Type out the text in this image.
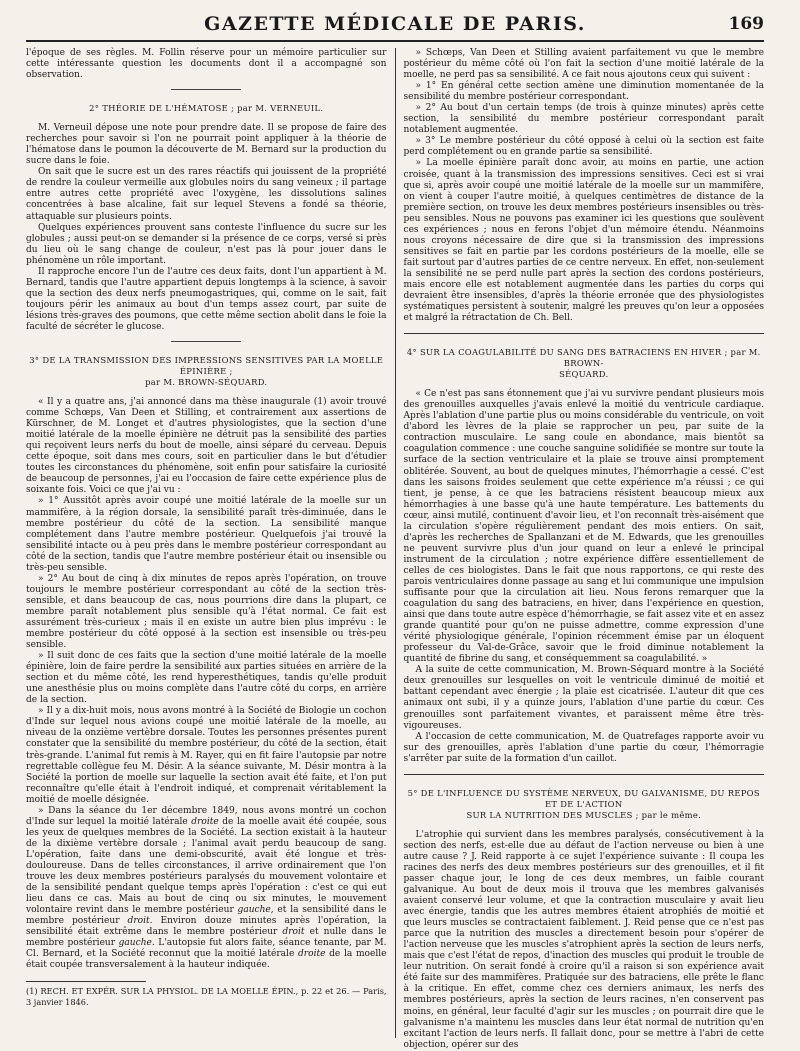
GAZETTE MÉDICALE DE PARIS.	169

l'époque de ses règles. M. Follin réserve pour un mémoire particulier sur cette intéressante question les documents dont il a accompagné son observation.

2° THÉORIE DE L'HÉMATOSE ; par M. VERNEUIL.

M. Verneuil dépose une note pour prendre date. Il se propose de faire des recherches pour savoir si l'on ne pourrait point appliquer à la théorie de l'hématose dans le poumon la découverte de M. Bernard sur la production du sucre dans le foie.

On sait que le sucre est un des rares réactifs qui jouissent de la propriété de rendre la couleur vermeille aux globules noirs du sang veineux ; il partage entre autres cette propriété avec l'oxygène, les dissolutions salines concentrées à base alcaline, fait sur lequel Stevens a fondé sa théorie, attaquable sur plusieurs points.

Quelques expériences prouvent sans conteste l'influence du sucre sur les globules ; aussi peut-on se demander si la présence de ce corps, versé si près du lieu où le sang change de couleur, n'est pas là pour jouer dans le phénomène un rôle important.

Il rapproche encore l'un de l'autre ces deux faits, dont l'un appartient à M. Bernard, tandis que l'autre appartient depuis longtemps à la science, à savoir que la section des deux nerfs pneumogastriques, qui, comme on le sait, fait toujours périr les animaux au bout d'un temps assez court, par suite de lésions très-graves des poumons, que cette même section abolit dans le foie la faculté de sécréter le glucose.

3° DE LA TRANSMISSION DES IMPRESSIONS SENSITIVES PAR LA MOELLE ÉPINIÈRE ;
par M. BROWN-SÉQUARD.

« Il y a quatre ans, j'ai annoncé dans ma thèse inaugurale (1) avoir trouvé comme Schœps, Van Deen et Stilling, et contrairement aux assertions de Kürschner, de M. Longet et d'autres physiologistes, que la section d'une moitié latérale de la moelle épinière ne détruit pas la sensibilité des parties qui reçoivent leurs nerfs du bout de moelle, ainsi séparé du cerveau. Depuis cette époque, soit dans mes cours, soit en particulier dans le but d'étudier toutes les circonstances du phénomène, soit enfin pour satisfaire la curiosité de beaucoup de personnes, j'ai eu l'occasion de faire cette expérience plus de soixante fois. Voici ce que j'ai vu :

» 1° Aussitôt après avoir coupé une moitié latérale de la moelle sur un mammifère, à la région dorsale, la sensibilité paraît très-diminuée, dans le membre postérieur du côté de la section. La sensibilité manque complétement dans l'autre membre postérieur. Quelquefois j'ai trouvé la sensibilité intacte ou à peu près dans le membre postérieur correspondant au côté de la section, tandis que l'autre membre postérieur était ou insensible ou très-peu sensible.

» 2° Au bout de cinq à dix minutes de repos après l'opération, on trouve toujours le membre postérieur correspondant au côté de la section très-sensible, et dans beaucoup de cas, nous pourrions dire dans la plupart, ce membre paraît notablement plus sensible qu'à l'état normal. Ce fait est assurément très-curieux ; mais il en existe un autre bien plus imprévu : le membre postérieur du côté opposé à la section est insensible ou très-peu sensible.

» Il suit donc de ces faits que la section d'une moitié latérale de la moelle épinière, loin de faire perdre la sensibilité aux parties situées en arrière de la section et du même côté, les rend hyperesthétiques, tandis qu'elle produit une anesthésie plus ou moins complète dans l'autre côté du corps, en arrière de la section.

» Il y a dix-huit mois, nous avons montré à la Société de Biologie un cochon d'Inde sur lequel nous avions coupé une moitié latérale de la moelle, au niveau de la onzième vertèbre dorsale. Toutes les personnes présentes purent constater que la sensibilité du membre postérieur, du côté de la section, était très-grande. L'animal fut remis à M. Rayer, qui en fit faire l'autopsie par notre regrettable collègue feu M. Désir. A la séance suivante, M. Désir montra à la Société la portion de moelle sur laquelle la section avait été faite, et l'on put reconnaître qu'elle était à l'endroit indiqué, et comprenait véritablement la moitié de moelle désignée.

» Dans la séance du 1er décembre 1849, nous avons montré un cochon d'Inde sur lequel la moitié latérale droite de la moelle avait été coupée, sous les yeux de quelques membres de la Société. La section existait à la hauteur de la dixième vertèbre dorsale ; l'animal avait perdu beaucoup de sang. L'opération, faite dans une demi-obscurité, avait été longue et très-douloureuse. Dans de telles circonstances, il arrive ordinairement que l'on trouve les deux membres postérieurs paralysés du mouvement volontaire et de la sensibilité pendant quelque temps après l'opération : c'est ce qui eut lieu dans ce cas. Mais au bout de cinq ou six minutes, le mouvement volontaire revint dans le membre postérieur gauche, et la sensibilité dans le membre postérieur droit. Environ douze minutes après l'opération, la sensibilité était extrême dans le membre postérieur droit et nulle dans le membre postérieur gauche. L'autopsie fut alors faite, séance tenante, par M. Cl. Bernard, et la Société reconnut que la moitié latérale droite de la moelle était coupée transversalement à la hauteur indiquée.

(1) RECH. ET EXPÉR. SUR LA PHYSIOL. DE LA MOELLE ÉPIN., p. 22 et 26. — Paris, 3 janvier 1846.

» Schœps, Van Deen et Stilling avaient parfaitement vu que le membre postérieur du même côté où l'on fait la section d'une moitié latérale de la moelle, ne perd pas sa sensibilité. A ce fait nous ajoutons ceux qui suivent :

» 1° En général cette section amène une diminution momentanée de la sensibilité du membre postérieur correspondant.

» 2° Au bout d'un certain temps (de trois à quinze minutes) après cette section, la sensibilité du membre postérieur correspondant paraît notablement augmentée.

» 3° Le membre postérieur du côté opposé à celui où la section est faite perd complétement ou en grande partie sa sensibilité.

» La moelle épinière paraît donc avoir, au moins en partie, une action croisée, quant à la transmission des impressions sensitives. Ceci est si vrai que si, après avoir coupé une moitié latérale de la moelle sur un mammifère, on vient à couper l'autre moitié, à quelques centimètres de distance de la première section, on trouve les deux membres postérieurs insensibles ou très-peu sensibles. Nous ne pouvons pas examiner ici les questions que soulèvent ces expériences ; nous en ferons l'objet d'un mémoire étendu. Néanmoins nous croyons nécessaire de dire que si la transmission des impressions sensitives se fait en partie par les cordons postérieurs de la moelle, elle se fait surtout par d'autres parties de ce centre nerveux. En effet, non-seulement la sensibilité ne se perd nulle part après la section des cordons postérieurs, mais encore elle est notablement augmentée dans les parties du corps qui devraient être insensibles, d'après la théorie erronée que des physiologistes systématiques persistent à soutenir, malgré les preuves qu'on leur a opposées et malgré la rétractation de Ch. Bell.

4° SUR LA COAGULABILITÉ DU SANG DES BATRACIENS EN HIVER ; par M. BROWN-
SÉQUARD.

« Ce n'est pas sans étonnement que j'ai vu survivre pendant plusieurs mois des grenouilles auxquelles j'avais enlevé la moitié du ventricule cardiaque. Après l'ablation d'une partie plus ou moins considérable du ventricule, on voit d'abord les lèvres de la plaie se rapprocher un peu, par suite de la contraction musculaire. Le sang coule en abondance, mais bientôt sa coagulation commence : une couche sanguine solidifiée se montre sur toute la surface de la section ventriculaire et la plaie se trouve ainsi promptement oblitérée. Souvent, au bout de quelques minutes, l'hémorrhagie a cessé. C'est dans les saisons froides seulement que cette expérience m'a réussi ; ce qui tient, je pense, à ce que les batraciens résistent beaucoup mieux aux hémorrhagies à une basse qu'à une haute température. Les battements du cœur, ainsi mutilé, continuent d'avoir lieu, et l'on reconnaît très-aisément que la circulation s'opère régulièrement pendant des mois entiers. On sait, d'après les recherches de Spallanzani et de M. Edwards, que les grenouilles ne peuvent survivre plus d'un jour quand on leur a enlevé le principal instrument de la circulation ; notre expérience diffère essentiellement de celles de ces biologistes. Dans le fait que nous rapportons, ce qui reste des parois ventriculaires donne passage au sang et lui communique une impulsion suffisante pour que la circulation ait lieu. Nous ferons remarquer que la coagulation du sang des batraciens, en hiver, dans l'expérience en question, ainsi que dans toute autre espèce d'hémorrhagie, se fait assez vite et en assez grande quantité pour qu'on ne puisse admettre, comme expression d'une vérité physiologique générale, l'opinion récemment émise par un éloquent professeur du Val-de-Grâce, savoir que le froid diminue notablement la quantité de fibrine du sang, et conséquemment sa coagulabilité. »

A la suite de cette communication, M. Brown-Séquard montre à la Société deux grenouilles sur lesquelles on voit le ventricule diminué de moitié et battant cependant avec énergie ; la plaie est cicatrisée. L'auteur dit que ces animaux ont subi, il y a quinze jours, l'ablation d'une partie du cœur. Ces grenouilles sont parfaitement vivantes, et paraissent même être très-vigoureuses.

A l'occasion de cette communication, M. de Quatrefages rapporte avoir vu sur des grenouilles, après l'ablation d'une partie du cœur, l'hémorragie s'arrêter par suite de la formation d'un caillot.

5° DE L'INFLUENCE DU SYSTÈME NERVEUX, DU GALVANISME, DU REPOS ET DE L'ACTION
SUR LA NUTRITION DES MUSCLES ; par le même.

L'atrophie qui survient dans les membres paralysés, consécutivement à la section des nerfs, est-elle due au défaut de l'action nerveuse ou bien à une autre cause ? J. Reid rapporte à ce sujet l'expérience suivante : Il coupa les racines des nerfs des deux membres postérieurs sur des grenouilles, et il fit passer chaque jour, le long de ces deux membres, un faible courant galvanique. Au bout de deux mois il trouva que les membres galvanisés avaient conservé leur volume, et que la contraction musculaire y avait lieu avec énergie, tandis que les autres membres étaient atrophiés de moitié et que leurs muscles se contractaient faiblement. J. Reid pense que ce n'est pas parce que la nutrition des muscles a directement besoin pour s'opérer de l'action nerveuse que les muscles s'atrophient après la section de leurs nerfs, mais que c'est l'état de repos, d'inaction des muscles qui produit le trouble de leur nutrition. On serait fondé à croire qu'il a raison si son expérience avait été faite sur des mammifères. Pratiquée sur des batraciens, elle prête le flanc à la critique. En effet, comme chez ces derniers animaux, les nerfs des membres postérieurs, après la section de leurs racines, n'en conservent pas moins, en général, leur faculté d'agir sur les muscles ; on pourrait dire que le galvanisme n'a maintenu les muscles dans leur état normal de nutrition qu'en excitant l'action de leurs nerfs. Il fallait donc, pour se mettre à l'abri de cette objection, opérer sur des
